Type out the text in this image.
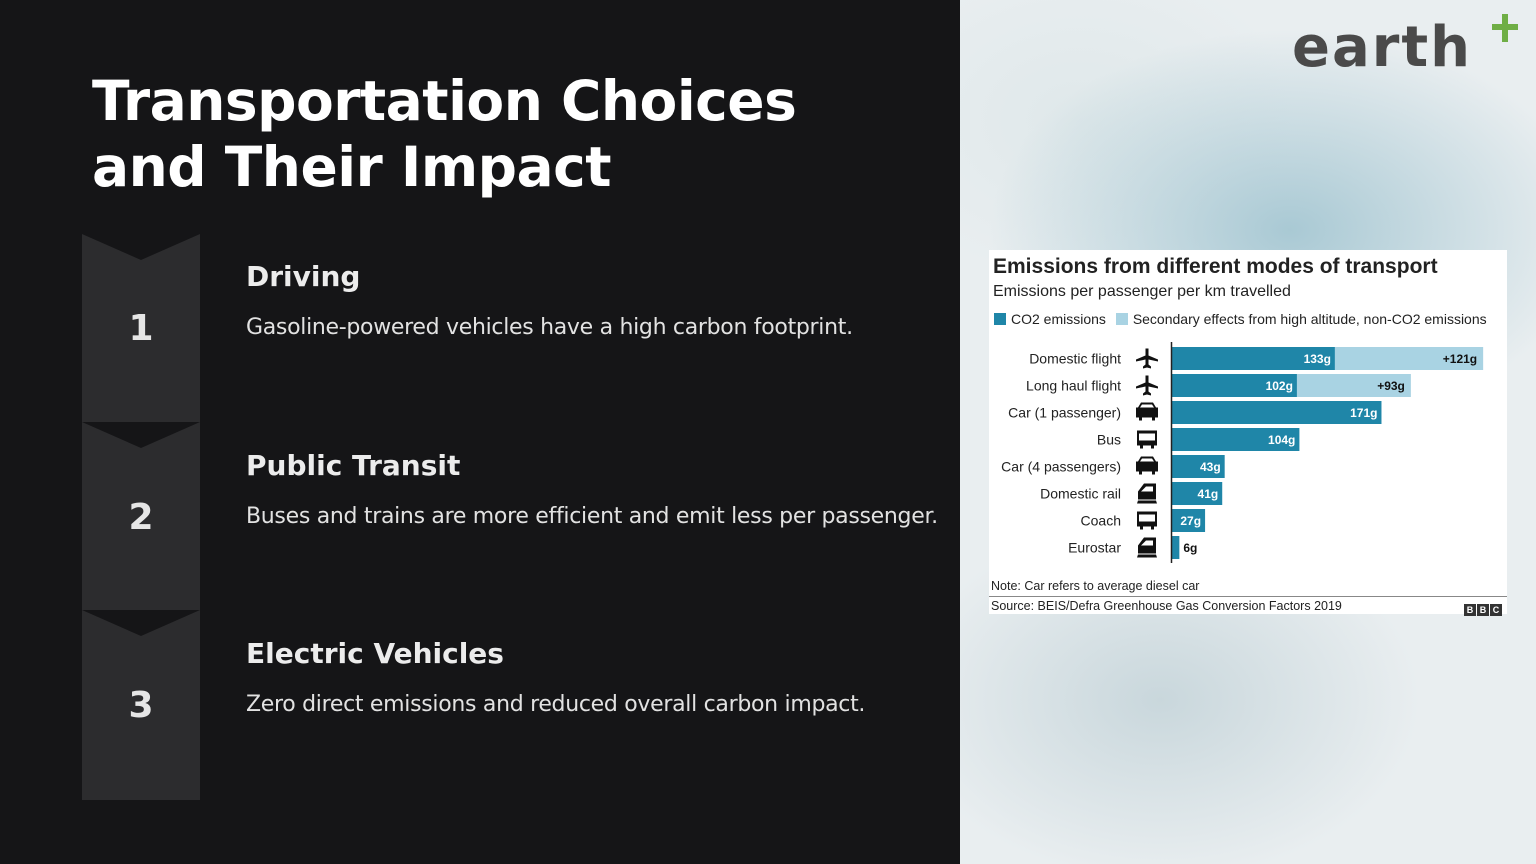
Transportation Choices and Their Impact
1
Driving
Gasoline-powered vehicles have a high carbon footprint.
2
Public Transit
Buses and trains are more efficient and emit less per passenger.
3
Electric Vehicles
Zero direct emissions and reduced overall carbon impact.
earth
Emissions from different modes of transport
Emissions per passenger per km travelled
CO2 emissions Secondary effects from high altitude, non-CO2 emissions
Domestic flight	133g	+121g
Long haul flight	102g	+93g
Car (1 passenger)	171g
Bus	104g
Car (4 passengers)	43g
Domestic rail	41g
Coach	27g
Eurostar	6g
Note: Car refers to average diesel car
Source: BEIS/Defra Greenhouse Gas Conversion Factors 2019	B B C
